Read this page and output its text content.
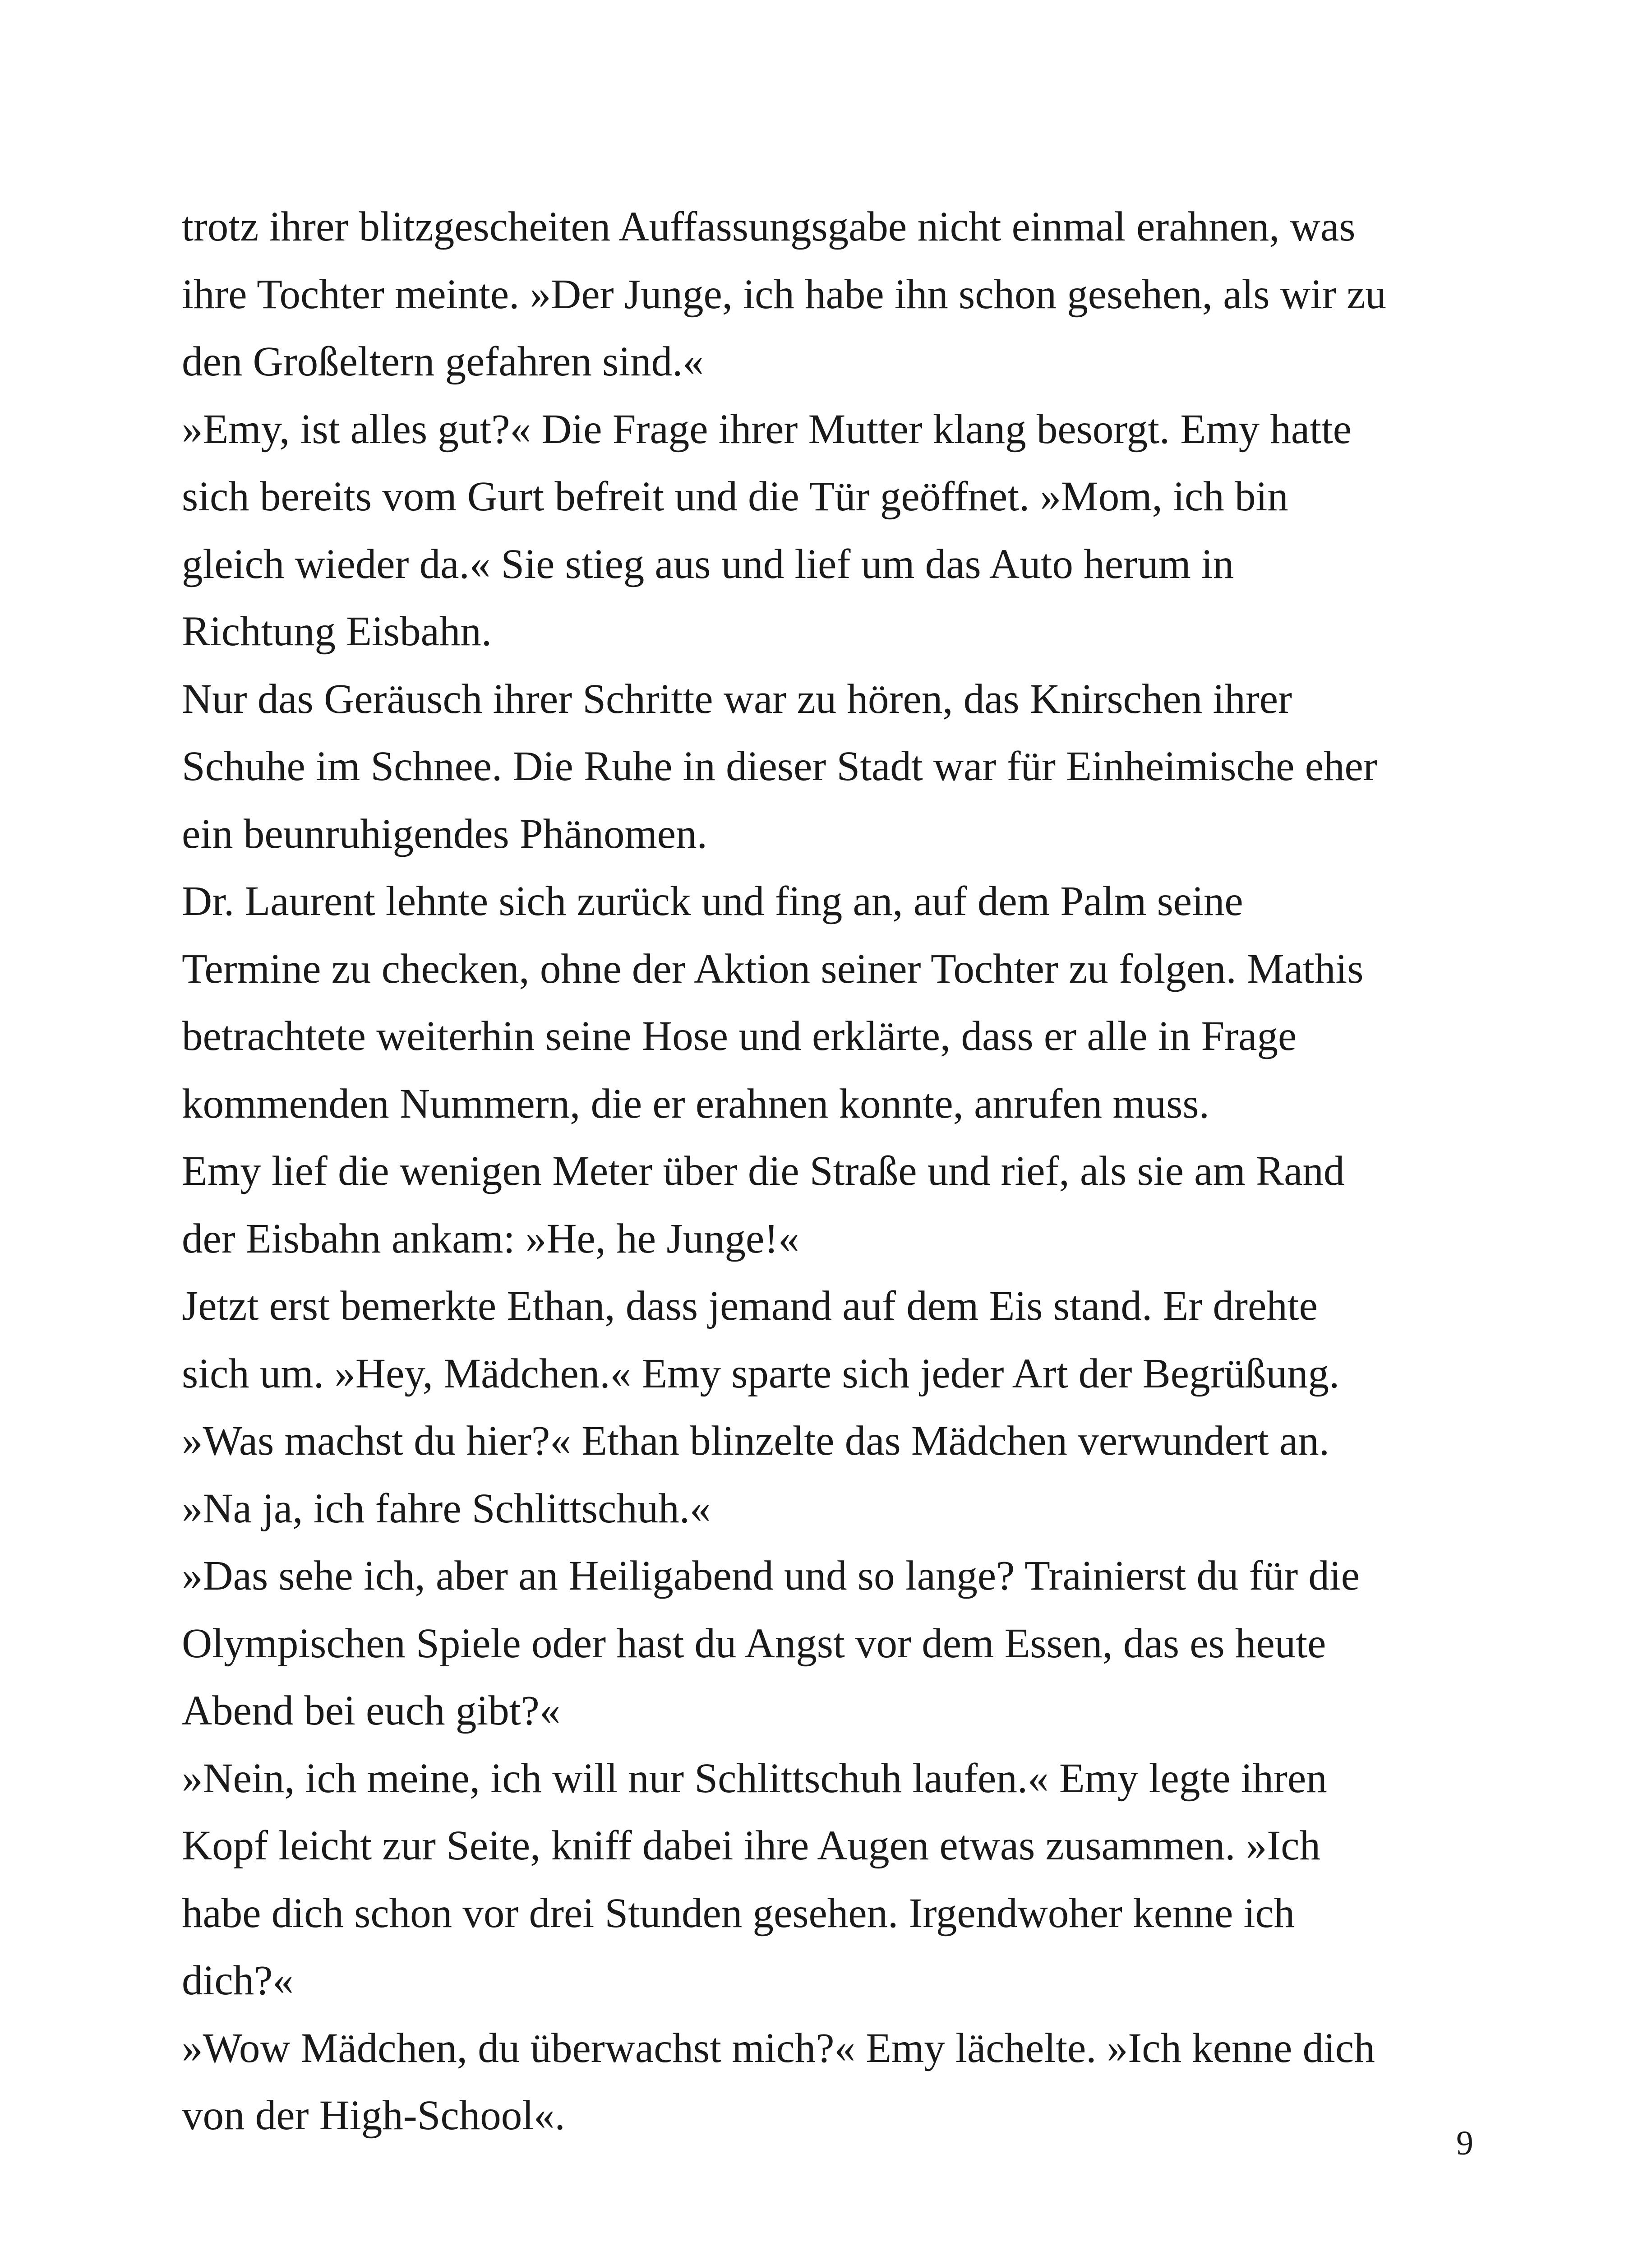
trotz ihrer blitzgescheiten Auffassungsgabe nicht einmal erahnen, was
ihre Tochter meinte. »Der Junge, ich habe ihn schon gesehen, als wir zu
den Großeltern gefahren sind.«
»Emy, ist alles gut?« Die Frage ihrer Mutter klang besorgt. Emy hatte
sich bereits vom Gurt befreit und die Tür geöffnet. »Mom, ich bin
gleich wieder da.« Sie stieg aus und lief um das Auto herum in
Richtung Eisbahn.
Nur das Geräusch ihrer Schritte war zu hören, das Knirschen ihrer
Schuhe im Schnee. Die Ruhe in dieser Stadt war für Einheimische eher
ein beunruhigendes Phänomen.
Dr. Laurent lehnte sich zurück und fing an, auf dem Palm seine
Termine zu checken, ohne der Aktion seiner Tochter zu folgen. Mathis
betrachtete weiterhin seine Hose und erklärte, dass er alle in Frage
kommenden Nummern, die er erahnen konnte, anrufen muss.
Emy lief die wenigen Meter über die Straße und rief, als sie am Rand
der Eisbahn ankam: »He, he Junge!«
Jetzt erst bemerkte Ethan, dass jemand auf dem Eis stand. Er drehte
sich um. »Hey, Mädchen.« Emy sparte sich jeder Art der Begrüßung.
»Was machst du hier?« Ethan blinzelte das Mädchen verwundert an.
»Na ja, ich fahre Schlittschuh.«
»Das sehe ich, aber an Heiligabend und so lange? Trainierst du für die
Olympischen Spiele oder hast du Angst vor dem Essen, das es heute
Abend bei euch gibt?«
»Nein, ich meine, ich will nur Schlittschuh laufen.« Emy legte ihren
Kopf leicht zur Seite, kniff dabei ihre Augen etwas zusammen. »Ich
habe dich schon vor drei Stunden gesehen. Irgendwoher kenne ich
dich?«
»Wow Mädchen, du überwachst mich?« Emy lächelte. »Ich kenne dich
von der High-School«.
9
